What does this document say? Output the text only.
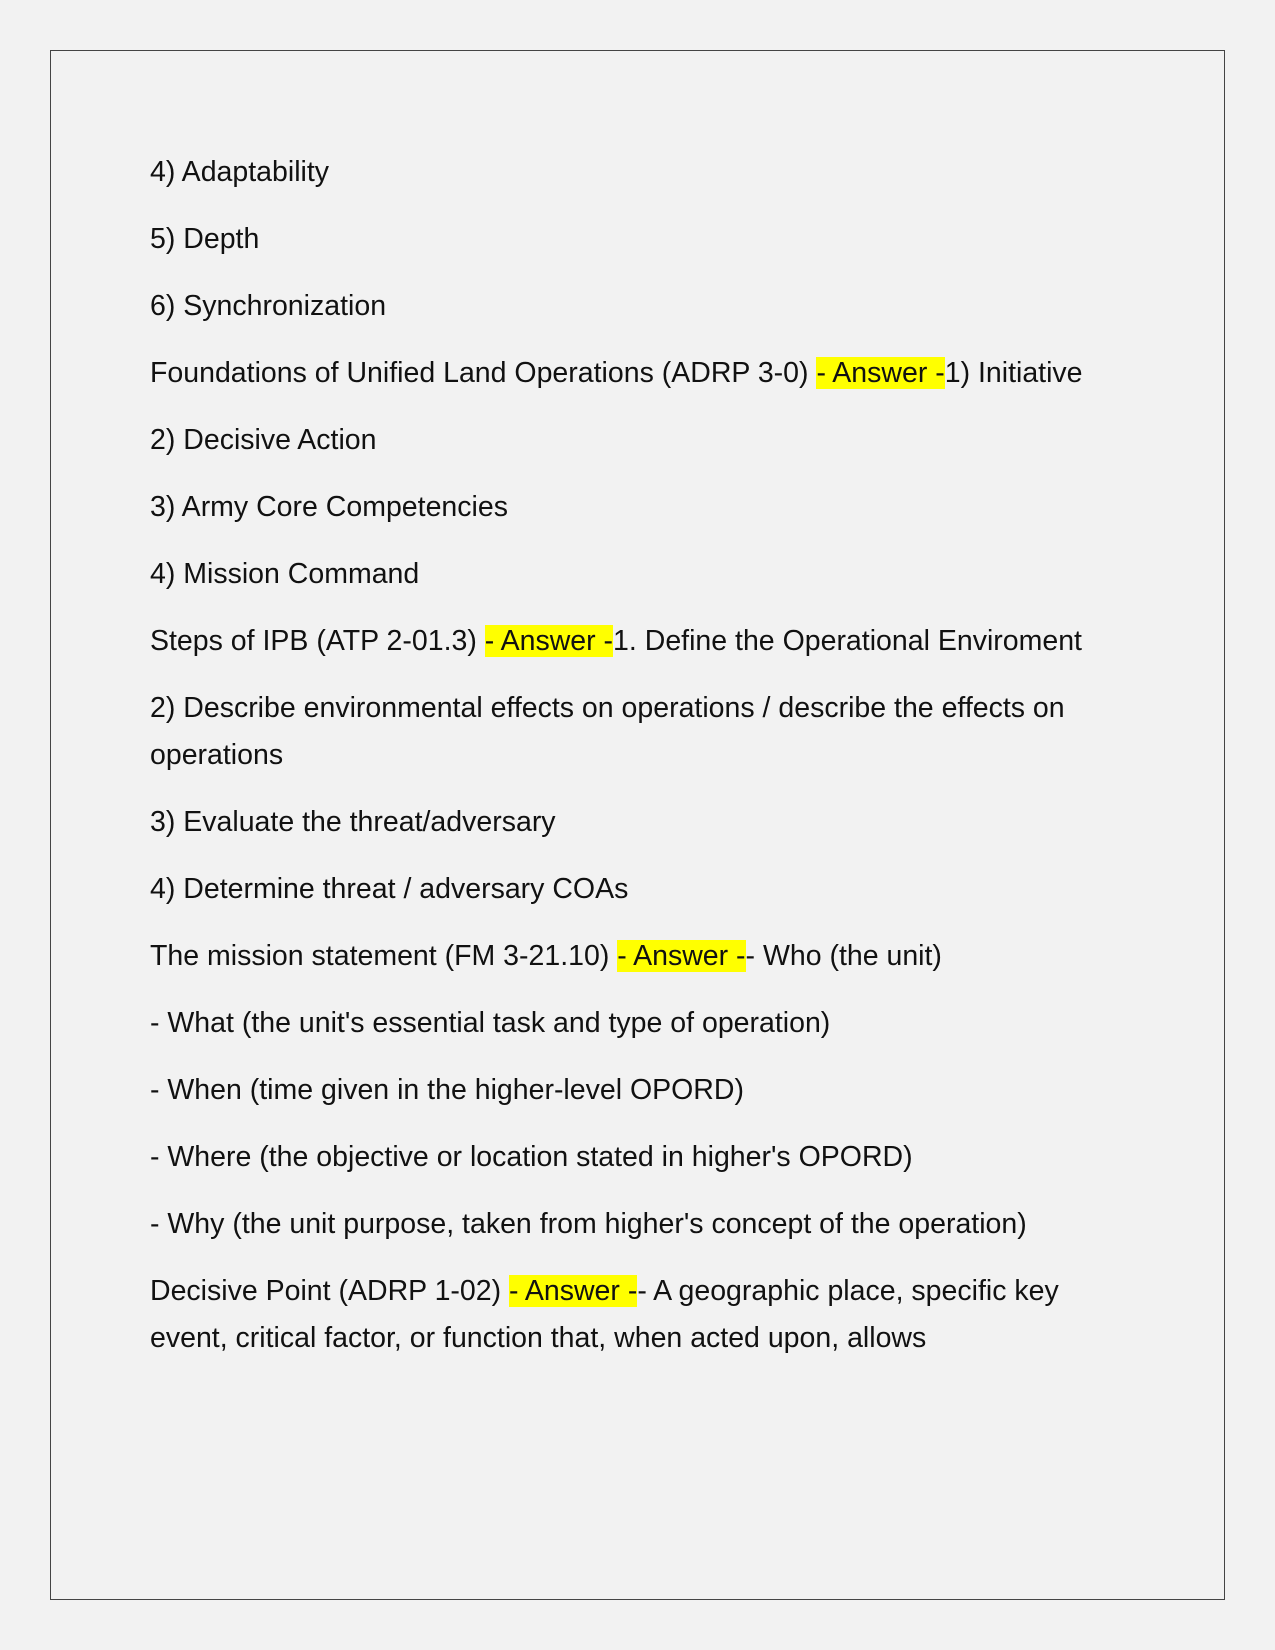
4) Adaptability

5) Depth

6) Synchronization

Foundations of Unified Land Operations (ADRP 3-0) - Answer -1) Initiative

2) Decisive Action

3) Army Core Competencies

4) Mission Command

Steps of IPB (ATP 2-01.3) - Answer -1. Define the Operational Enviroment

2) Describe environmental effects on operations / describe the effects on operations

3) Evaluate the threat/adversary

4) Determine threat / adversary COAs

The mission statement (FM 3-21.10) - Answer -- Who (the unit)

- What (the unit's essential task and type of operation)

- When (time given in the higher-level OPORD)

- Where (the objective or location stated in higher's OPORD)

- Why (the unit purpose, taken from higher's concept of the operation)

Decisive Point (ADRP 1-02) - Answer -- A geographic place, specific key event, critical factor, or function that, when acted upon, allows
